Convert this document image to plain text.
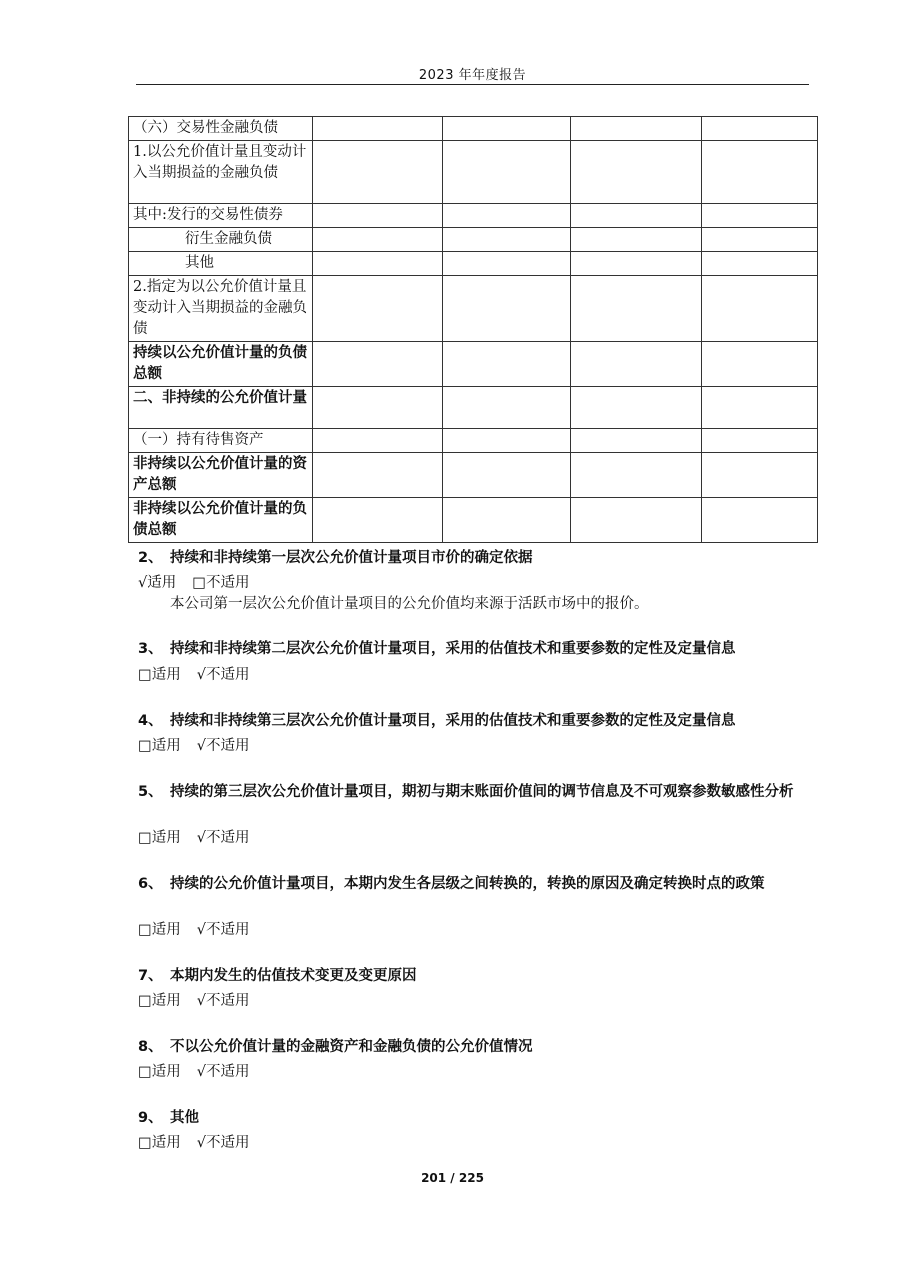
2023 年年度报告
（六）交易性金融负债				
1.以公允价值计量且变动计入当期损益的金融负债				
其中:发行的交易性债券				
衍生金融负债				
其他				
2.指定为以公允价值计量且变动计入当期损益的金融负债				
持续以公允价值计量的负债总额				
二、非持续的公允价值计量				
（一）持有待售资产				
非持续以公允价值计量的资产总额				
非持续以公允价值计量的负债总额				
2、 持续和非持续第一层次公允价值计量项目市价的确定依据
√适用 □不适用
本公司第一层次公允价值计量项目的公允价值均来源于活跃市场中的报价。
3、 持续和非持续第二层次公允价值计量项目，采用的估值技术和重要参数的定性及定量信息
□适用 √不适用
4、 持续和非持续第三层次公允价值计量项目，采用的估值技术和重要参数的定性及定量信息
□适用 √不适用
5、 持续的第三层次公允价值计量项目，期初与期末账面价值间的调节信息及不可观察参数敏感性分析
□适用 √不适用
6、 持续的公允价值计量项目，本期内发生各层级之间转换的，转换的原因及确定转换时点的政策
□适用 √不适用
7、 本期内发生的估值技术变更及变更原因
□适用 √不适用
8、 不以公允价值计量的金融资产和金融负债的公允价值情况
□适用 √不适用
9、 其他
□适用 √不适用
201 / 225
